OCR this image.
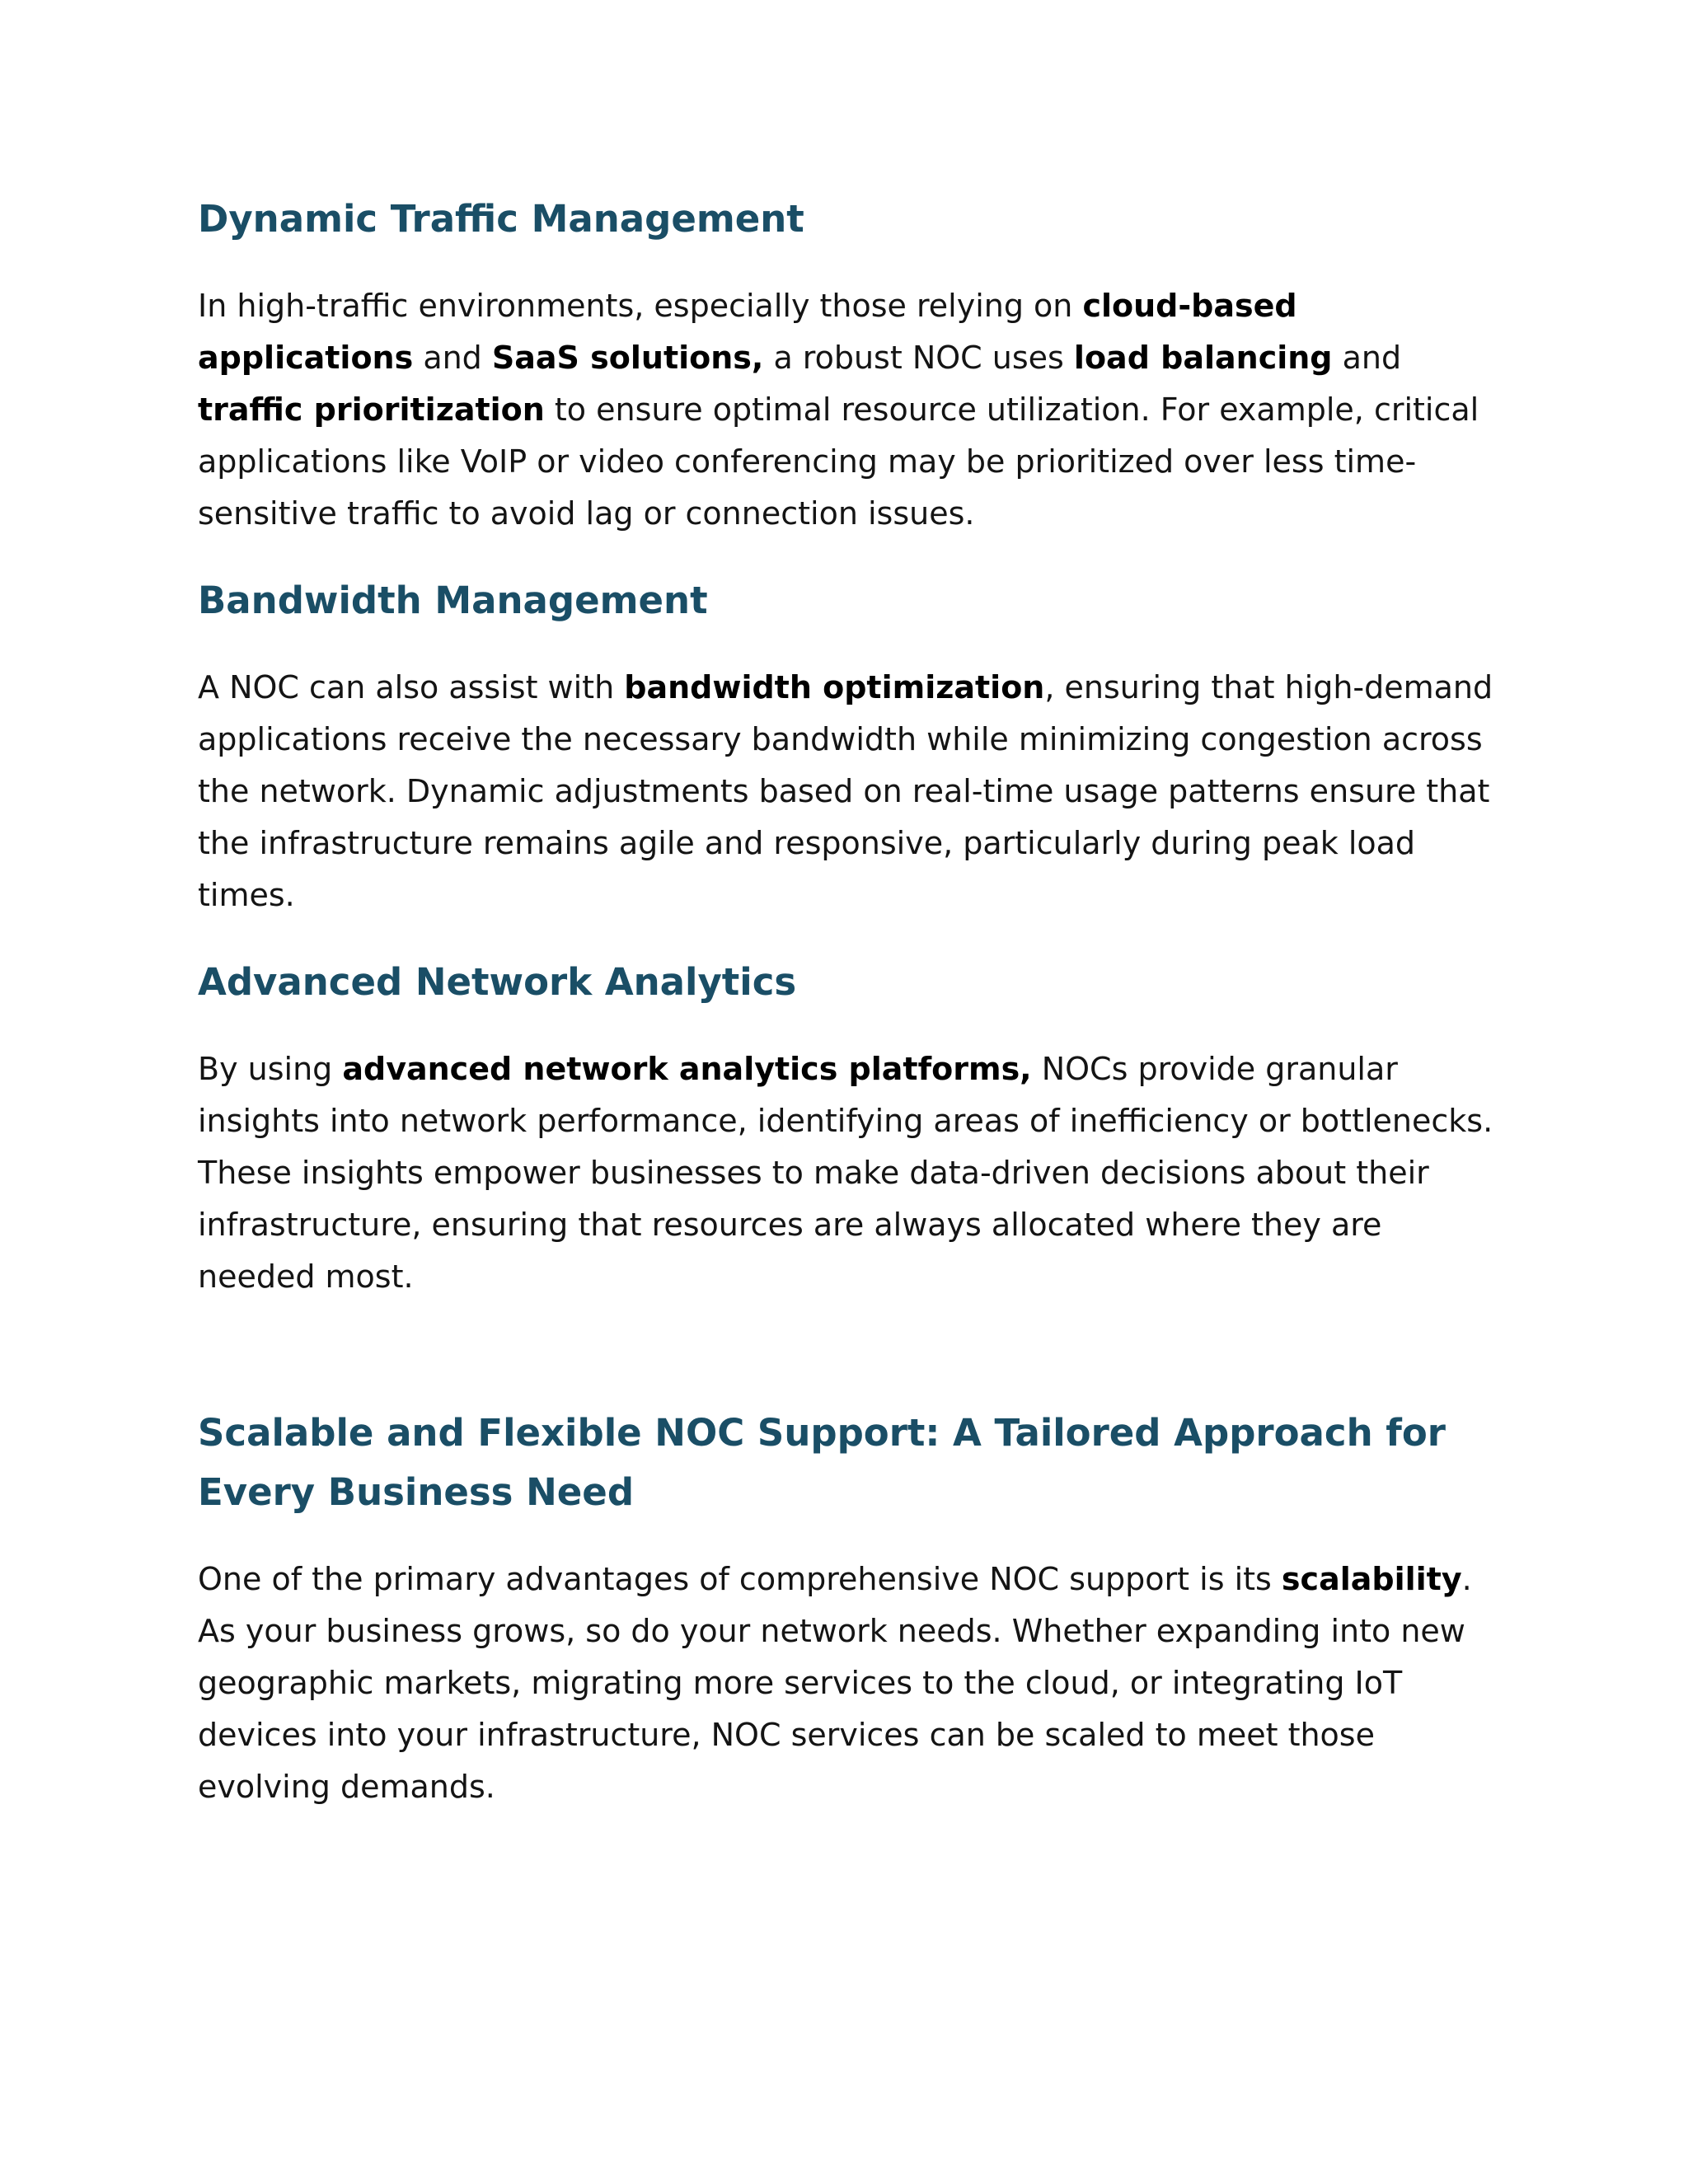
Dynamic Traffic Management

In high-traffic environments, especially those relying on cloud-based applications and SaaS solutions, a robust NOC uses load balancing and traffic prioritization to ensure optimal resource utilization. For example, critical applications like VoIP or video conferencing may be prioritized over less time-sensitive traffic to avoid lag or connection issues.

Bandwidth Management

A NOC can also assist with bandwidth optimization, ensuring that high-demand applications receive the necessary bandwidth while minimizing congestion across the network. Dynamic adjustments based on real-time usage patterns ensure that the infrastructure remains agile and responsive, particularly during peak load times.

Advanced Network Analytics

By using advanced network analytics platforms, NOCs provide granular insights into network performance, identifying areas of inefficiency or bottlenecks. These insights empower businesses to make data-driven decisions about their infrastructure, ensuring that resources are always allocated where they are needed most.

Scalable and Flexible NOC Support: A Tailored Approach for Every Business Need

One of the primary advantages of comprehensive NOC support is its scalability. As your business grows, so do your network needs. Whether expanding into new geographic markets, migrating more services to the cloud, or integrating IoT devices into your infrastructure, NOC services can be scaled to meet those evolving demands.
